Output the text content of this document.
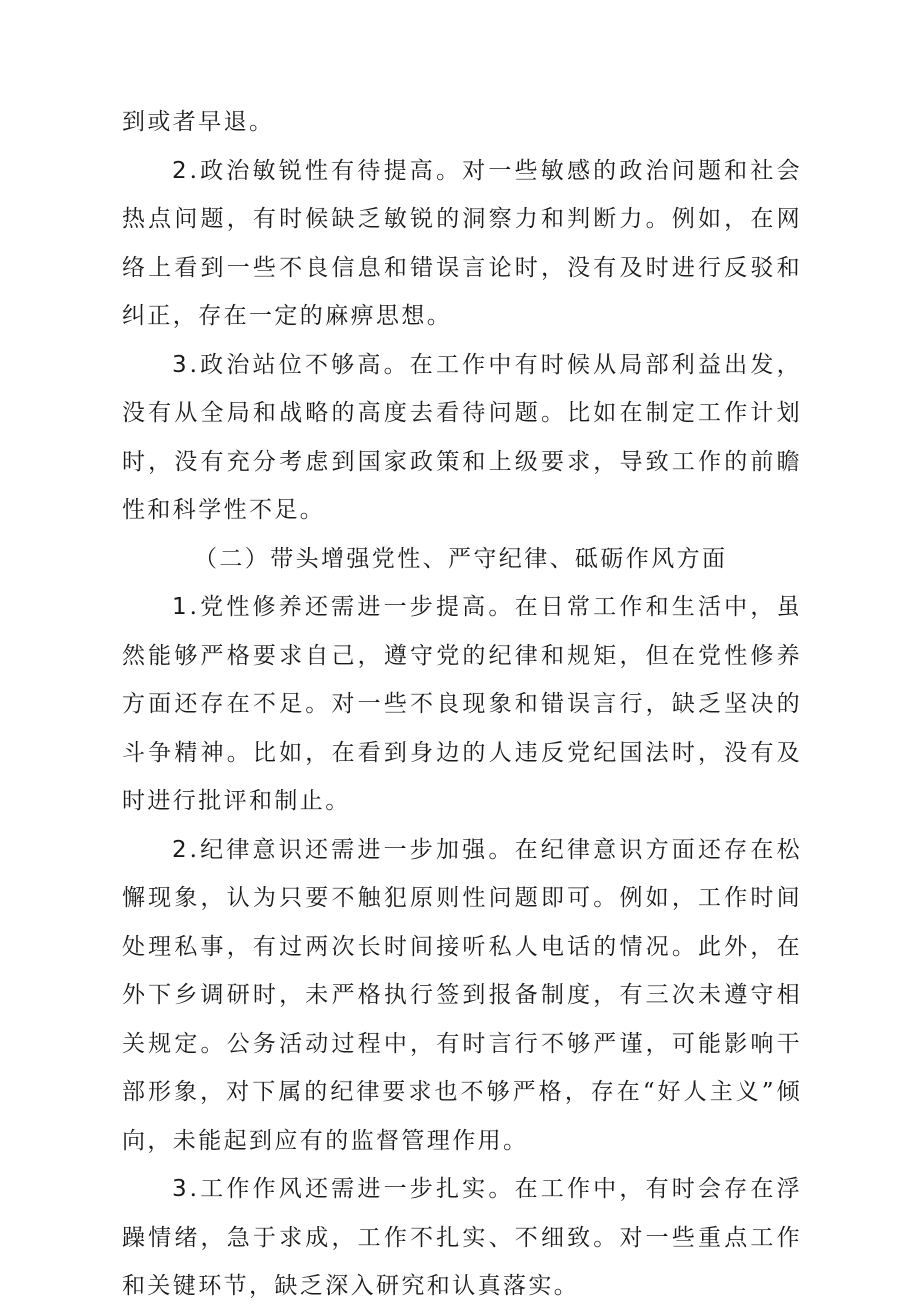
到或者早退。

2.政治敏锐性有待提高。对一些敏感的政治问题和社会热点问题，有时候缺乏敏锐的洞察力和判断力。例如，在网络上看到一些不良信息和错误言论时，没有及时进行反驳和纠正，存在一定的麻痹思想。

3.政治站位不够高。在工作中有时候从局部利益出发，没有从全局和战略的高度去看待问题。比如在制定工作计划时，没有充分考虑到国家政策和上级要求，导致工作的前瞻性和科学性不足。

（二）带头增强党性、严守纪律、砥砺作风方面

1.党性修养还需进一步提高。在日常工作和生活中，虽然能够严格要求自己，遵守党的纪律和规矩，但在党性修养方面还存在不足。对一些不良现象和错误言行，缺乏坚决的斗争精神。比如，在看到身边的人违反党纪国法时，没有及时进行批评和制止。

2.纪律意识还需进一步加强。在纪律意识方面还存在松懈现象，认为只要不触犯原则性问题即可。例如，工作时间处理私事，有过两次长时间接听私人电话的情况。此外，在外下乡调研时，未严格执行签到报备制度，有三次未遵守相关规定。公务活动过程中，有时言行不够严谨，可能影响干部形象，对下属的纪律要求也不够严格，存在“好人主义”倾向，未能起到应有的监督管理作用。

3.工作作风还需进一步扎实。在工作中，有时会存在浮躁情绪，急于求成，工作不扎实、不细致。对一些重点工作和关键环节，缺乏深入研究和认真落实。
